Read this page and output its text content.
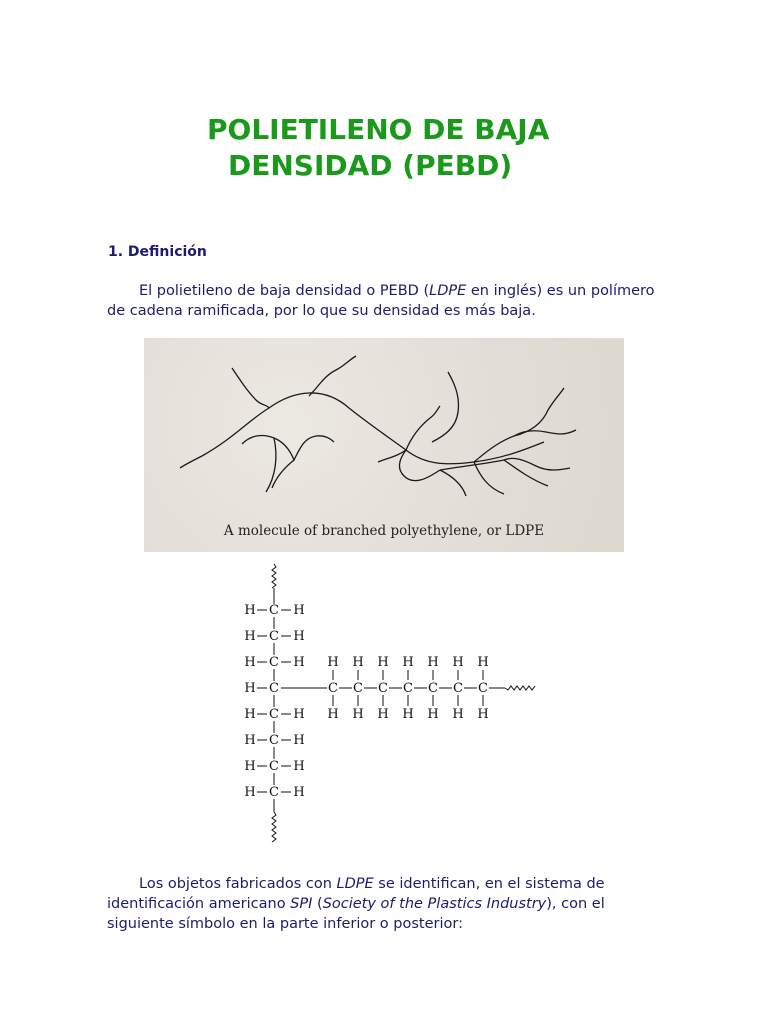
POLIETILENO DE BAJA
DENSIDAD (PEBD)
1. Definición
El polietileno de baja densidad o PEBD (LDPE en inglés) es un polímero de cadena ramificada, por lo que su densidad es más baja.
A molecule of branched polyethylene, or LDPE
H C H
H C H
H C H
H C
H C H
H C H
H C H
H C H
C
H
H
C
H
H
C
H
H
C
H
H
C
H
H
C
H
H
C
H
H
Los objetos fabricados con LDPE se identifican, en el sistema de identificación americano SPI (Society of the Plastics Industry), con el siguiente símbolo en la parte inferior o posterior:
